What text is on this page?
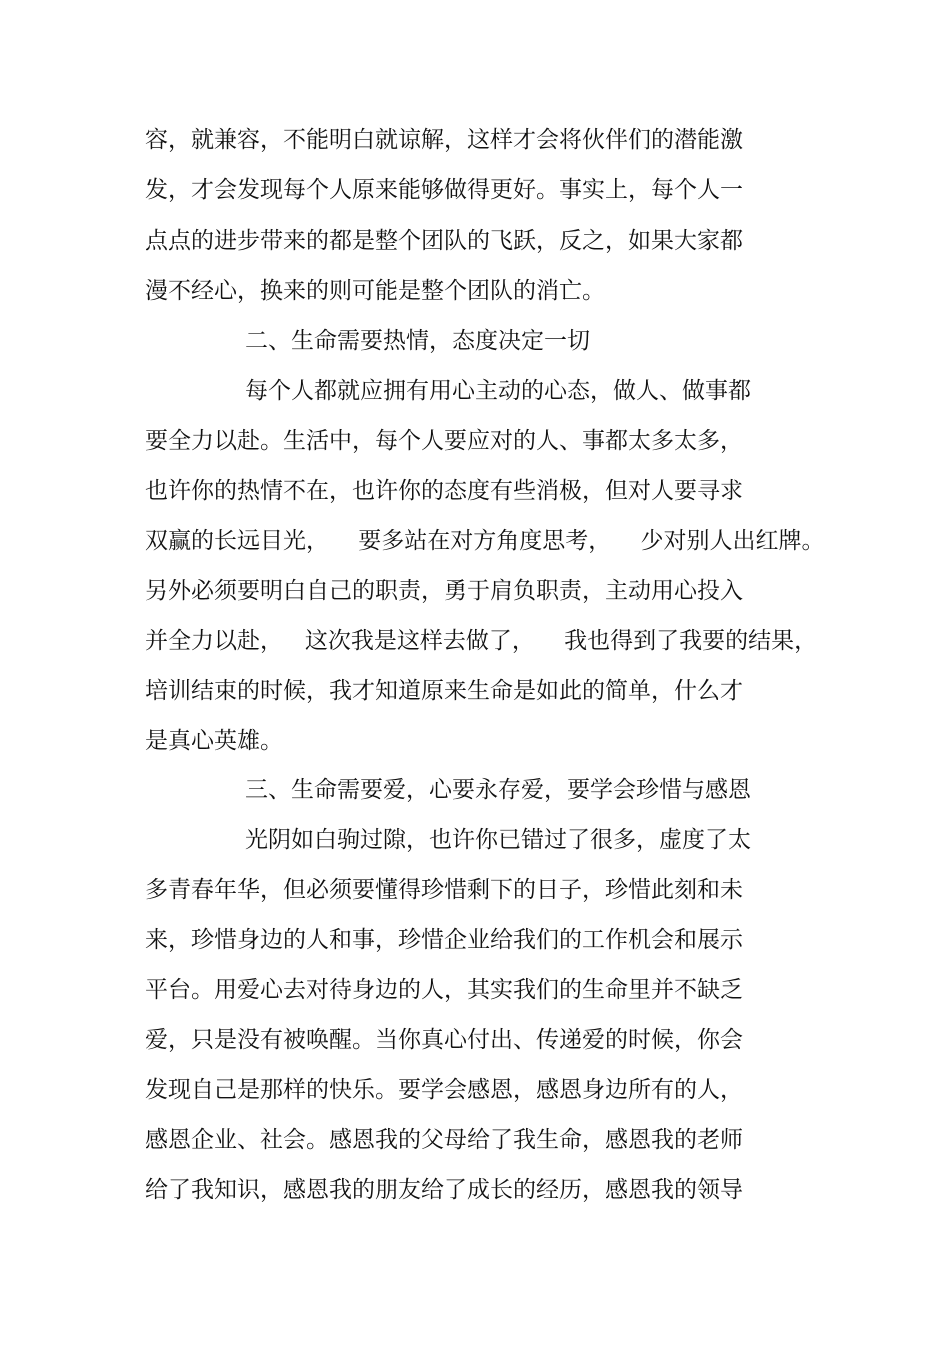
容，就兼容，不能明白就谅解，这样才会将伙伴们的潜能激
发，才会发现每个人原来能够做得更好。事实上，每个人一
点点的进步带来的都是整个团队的飞跃，反之，如果大家都
漫不经心，换来的则可能是整个团队的消亡。
二、生命需要热情，态度决定一切
每个人都就应拥有用心主动的心态，做人、做事都
要全力以赴。生活中，每个人要应对的人、事都太多太多，
也许你的热情不在，也许你的态度有些消极，但对人要寻求
双赢的长远目光，    要多站在对方角度思考，    少对别人出红牌。
另外必须要明白自己的职责，勇于肩负职责，主动用心投入
并全力以赴，   这次我是这样去做了，    我也得到了我要的结果，
培训结束的时候，我才知道原来生命是如此的简单，什么才
是真心英雄。
三、生命需要爱，心要永存爱，要学会珍惜与感恩
光阴如白驹过隙，也许你已错过了很多，虚度了太
多青春年华，但必须要懂得珍惜剩下的日子，珍惜此刻和未
来，珍惜身边的人和事，珍惜企业给我们的工作机会和展示
平台。用爱心去对待身边的人，其实我们的生命里并不缺乏
爱，只是没有被唤醒。当你真心付出、传递爱的时候，你会
发现自己是那样的快乐。要学会感恩，感恩身边所有的人，
感恩企业、社会。感恩我的父母给了我生命，感恩我的老师
给了我知识，感恩我的朋友给了成长的经历，感恩我的领导
